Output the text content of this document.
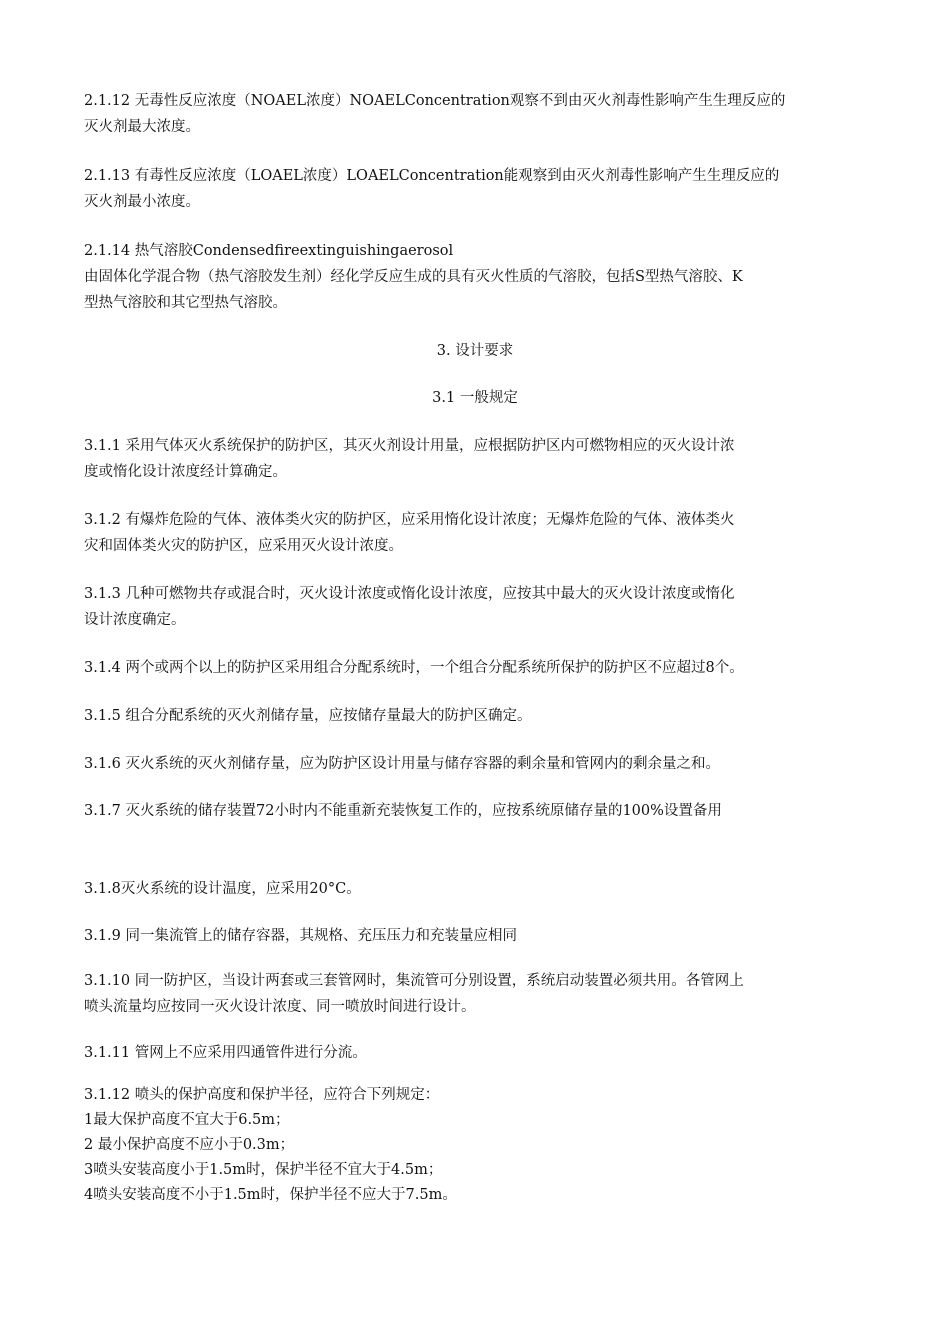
2.1.12 无毒性反应浓度（NOAEL浓度）NOAELConcentration观察不到由灭火剂毒性影响产生生理反应的
灭火剂最大浓度。
2.1.13 有毒性反应浓度（LOAEL浓度）LOAELConcentration能观察到由灭火剂毒性影响产生生理反应的
灭火剂最小浓度。
2.1.14 热气溶胶Condensedfireextinguishingaerosol
由固体化学混合物（热气溶胶发生剂）经化学反应生成的具有灭火性质的气溶胶，包括S型热气溶胶、K
型热气溶胶和其它型热气溶胶。
3. 设计要求
3.1 一般规定
3.1.1 采用气体灭火系统保护的防护区，其灭火剂设计用量，应根据防护区内可燃物相应的灭火设计浓
度或惰化设计浓度经计算确定。
3.1.2 有爆炸危险的气体、液体类火灾的防护区，应采用惰化设计浓度；无爆炸危险的气体、液体类火
灾和固体类火灾的防护区，应采用灭火设计浓度。
3.1.3 几种可燃物共存或混合时，灭火设计浓度或惰化设计浓度，应按其中最大的灭火设计浓度或惰化
设计浓度确定。
3.1.4 两个或两个以上的防护区采用组合分配系统时，一个组合分配系统所保护的防护区不应超过8个。
3.1.5 组合分配系统的灭火剂储存量，应按储存量最大的防护区确定。
3.1.6 灭火系统的灭火剂储存量，应为防护区设计用量与储存容器的剩余量和管网内的剩余量之和。
3.1.7 灭火系统的储存装置72小时内不能重新充装恢复工作的，应按系统原储存量的100%设置备用
3.1.8灭火系统的设计温度，应采用20°C。
3.1.9 同一集流管上的储存容器，其规格、充压压力和充装量应相同
3.1.10 同一防护区，当设计两套或三套管网时，集流管可分别设置，系统启动装置必须共用。各管网上
喷头流量均应按同一灭火设计浓度、同一喷放时间进行设计。
3.1.11 管网上不应采用四通管件进行分流。
3.1.12 喷头的保护高度和保护半径，应符合下列规定：
1最大保护高度不宜大于6.5m；
2 最小保护高度不应小于0.3m；
3喷头安装高度小于1.5m时，保护半径不宜大于4.5m；
4喷头安装高度不小于1.5m时，保护半径不应大于7.5m。
